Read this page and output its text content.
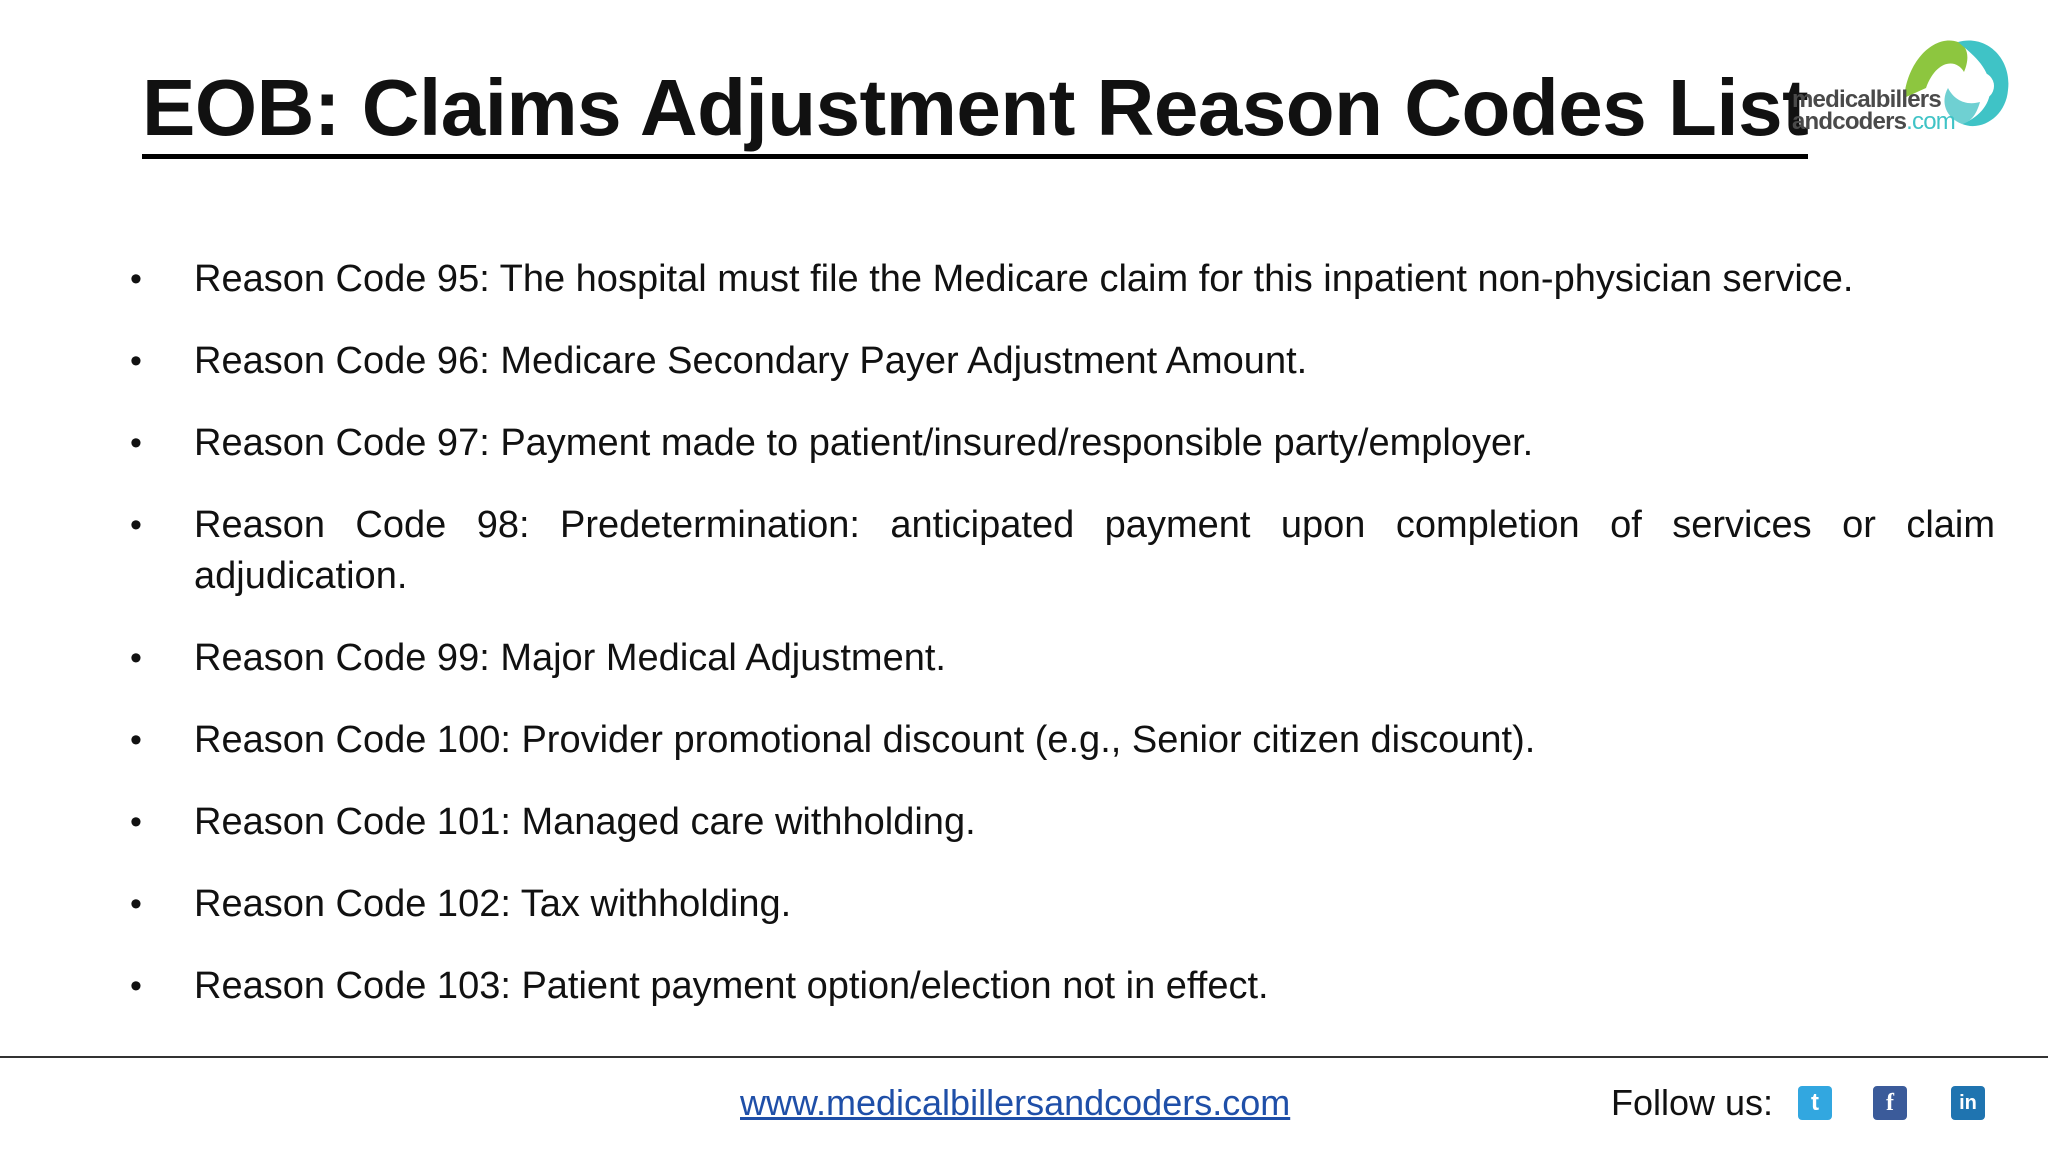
EOB: Claims Adjustment Reason Codes List
medicalbillers
andcoders.com
•	Reason Code 95: The hospital must file the Medicare claim for this inpatient non-physician service.
•	Reason Code 96: Medicare Secondary Payer Adjustment Amount.
•	Reason Code 97: Payment made to patient/insured/responsible party/employer.
•	Reason Code 98: Predetermination: anticipated payment upon completion of services or claim adjudication.
•	Reason Code 99: Major Medical Adjustment.
•	Reason Code 100: Provider promotional discount (e.g., Senior citizen discount).
•	Reason Code 101: Managed care withholding.
•	Reason Code 102: Tax withholding.
•	Reason Code 103: Patient payment option/election not in effect.
www.medicalbillersandcoders.com	Follow us:	t	f	in
